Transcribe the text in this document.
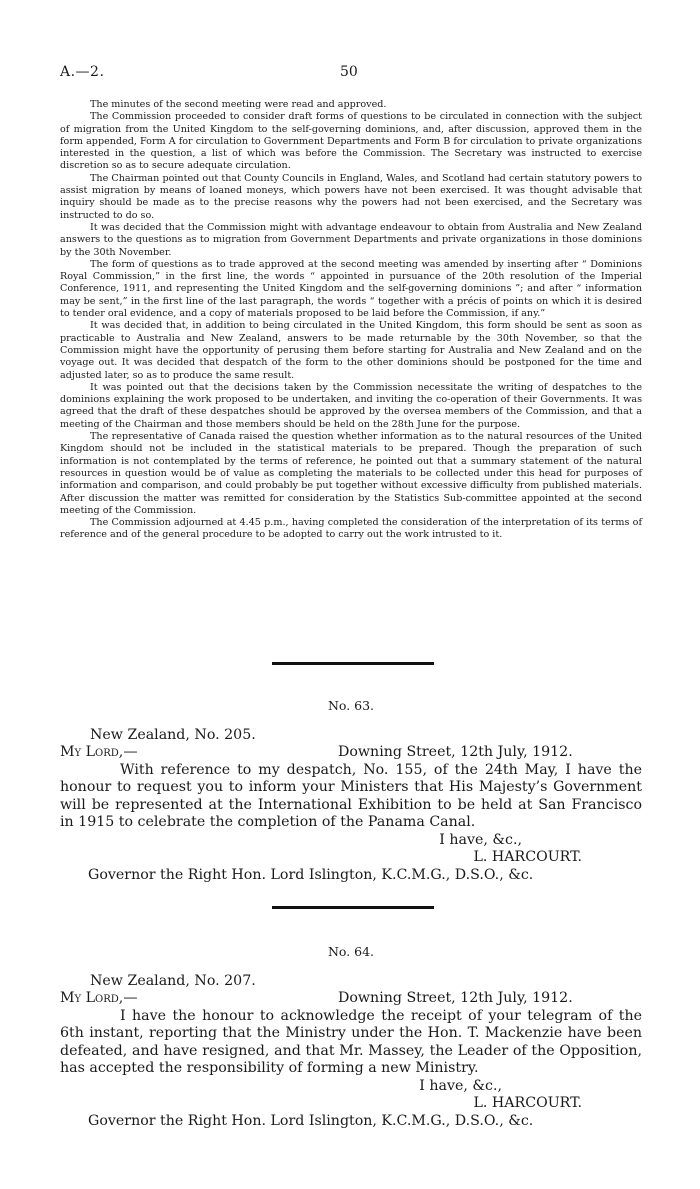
A.—2.	50

The minutes of the second meeting were read and approved.

The Commission proceeded to consider draft forms of questions to be circulated in connection with the subject of migration from the United Kingdom to the self-governing dominions, and, after discussion, approved them in the form appended, Form A for circulation to Government Departments and Form B for circulation to private organizations interested in the question, a list of which was before the Commission. The Secretary was instructed to exercise discretion so as to secure adequate circulation.

The Chairman pointed out that County Councils in England, Wales, and Scotland had certain statutory powers to assist migration by means of loaned moneys, which powers have not been exercised. It was thought advisable that inquiry should be made as to the precise reasons why the powers had not been exercised, and the Secretary was instructed to do so.

It was decided that the Commission might with advantage endeavour to obtain from Australia and New Zealand answers to the questions as to migration from Government Departments and private organizations in those dominions by the 30th November.

The form of questions as to trade approved at the second meeting was amended by inserting after “ Dominions Royal Commission,” in the first line, the words “ appointed in pursuance of the 20th resolution of the Imperial Conference, 1911, and representing the United Kingdom and the self-governing dominions ”; and after “ information may be sent,” in the first line of the last paragraph, the words “ together with a précis of points on which it is desired to tender oral evidence, and a copy of materials proposed to be laid before the Commission, if any.”

It was decided that, in addition to being circulated in the United Kingdom, this form should be sent as soon as practicable to Australia and New Zealand, answers to be made returnable by the 30th November, so that the Commission might have the opportunity of perusing them before starting for Australia and New Zealand and on the voyage out. It was decided that despatch of the form to the other dominions should be postponed for the time and adjusted later, so as to produce the same result.

It was pointed out that the decisions taken by the Commission necessitate the writing of despatches to the dominions explaining the work proposed to be undertaken, and inviting the co-operation of their Governments. It was agreed that the draft of these despatches should be approved by the oversea members of the Commission, and that a meeting of the Chairman and those members should be held on the 28th June for the purpose.

The representative of Canada raised the question whether information as to the natural resources of the United Kingdom should not be included in the statistical materials to be prepared. Though the preparation of such information is not contemplated by the terms of reference, he pointed out that a summary statement of the natural resources in question would be of value as completing the materials to be collected under this head for purposes of information and comparison, and could probably be put together without excessive difficulty from published materials. After discussion the matter was remitted for consideration by the Statistics Sub-committee appointed at the second meeting of the Commission.

The Commission adjourned at 4.45 p.m., having completed the consideration of the interpretation of its terms of reference and of the general procedure to be adopted to carry out the work intrusted to it.

No. 63.
New Zealand, No. 205.
My Lord,—	Downing Street, 12th July, 1912.

With reference to my despatch, No. 155, of the 24th May, I have the honour to request you to inform your Ministers that His Majesty’s Government will be represented at the International Exhibition to be held at San Francisco in 1915 to celebrate the completion of the Panama Canal.

I have, &c.,
L. HARCOURT.
Governor the Right Hon. Lord Islington, K.C.M.G., D.S.O., &c.
No. 64.
New Zealand, No. 207.
My Lord,—	Downing Street, 12th July, 1912.

I have the honour to acknowledge the receipt of your telegram of the 6th instant, reporting that the Ministry under the Hon. T. Mackenzie have been defeated, and have resigned, and that Mr. Massey, the Leader of the Opposition, has accepted the responsibility of forming a new Ministry.

I have, &c.,
L. HARCOURT.
Governor the Right Hon. Lord Islington, K.C.M.G., D.S.O., &c.
